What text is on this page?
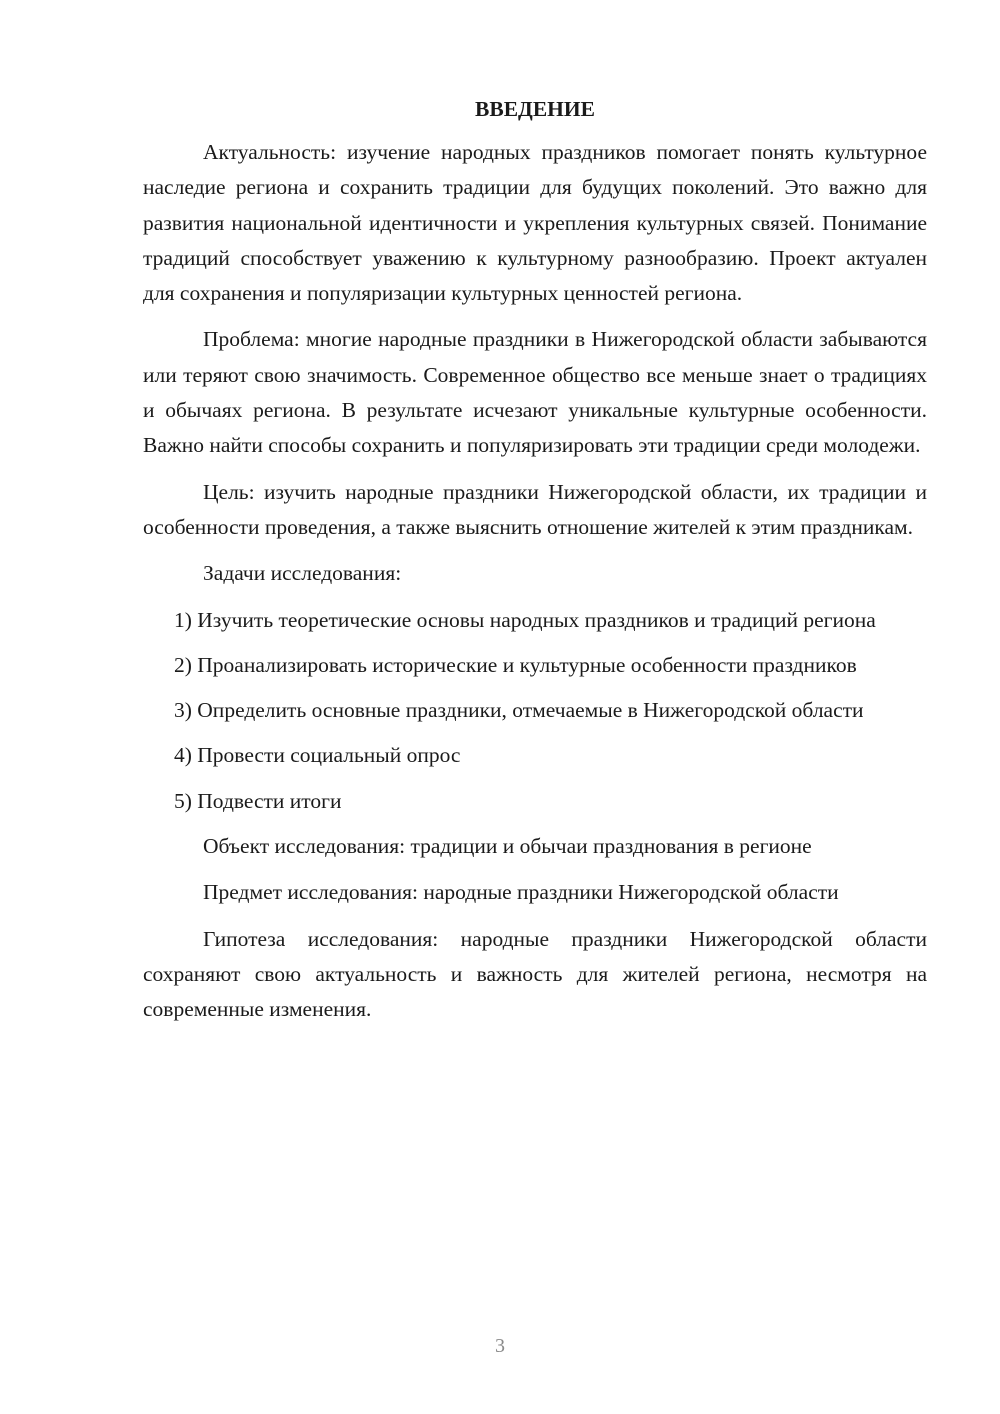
ВВЕДЕНИЕ

Актуальность: изучение народных праздников помогает понять культурное наследие региона и сохранить традиции для будущих поколений. Это важно для развития национальной идентичности и укрепления культурных связей. Понимание традиций способствует уважению к культурному разнообразию. Проект актуален для сохранения и популяризации культурных ценностей региона.

Проблема: многие народные праздники в Нижегородской области забываются или теряют свою значимость. Современное общество все меньше знает о традициях и обычаях региона. В результате исчезают уникальные культурные особенности. Важно найти способы сохранить и популяризировать эти традиции среди молодежи.

Цель: изучить народные праздники Нижегородской области, их традиции и особенности проведения, а также выяснить отношение жителей к этим праздникам.

Задачи исследования:

1) Изучить теоретические основы народных праздников и традиций региона

2) Проанализировать исторические и культурные особенности праздников

3) Определить основные праздники, отмечаемые в Нижегородской области

4) Провести социальный опрос

5) Подвести итоги

Объект исследования: традиции и обычаи празднования в регионе

Предмет исследования: народные праздники Нижегородской области

Гипотеза исследования: народные праздники Нижегородской области сохраняют свою актуальность и важность для жителей региона, несмотря на современные изменения.

3
